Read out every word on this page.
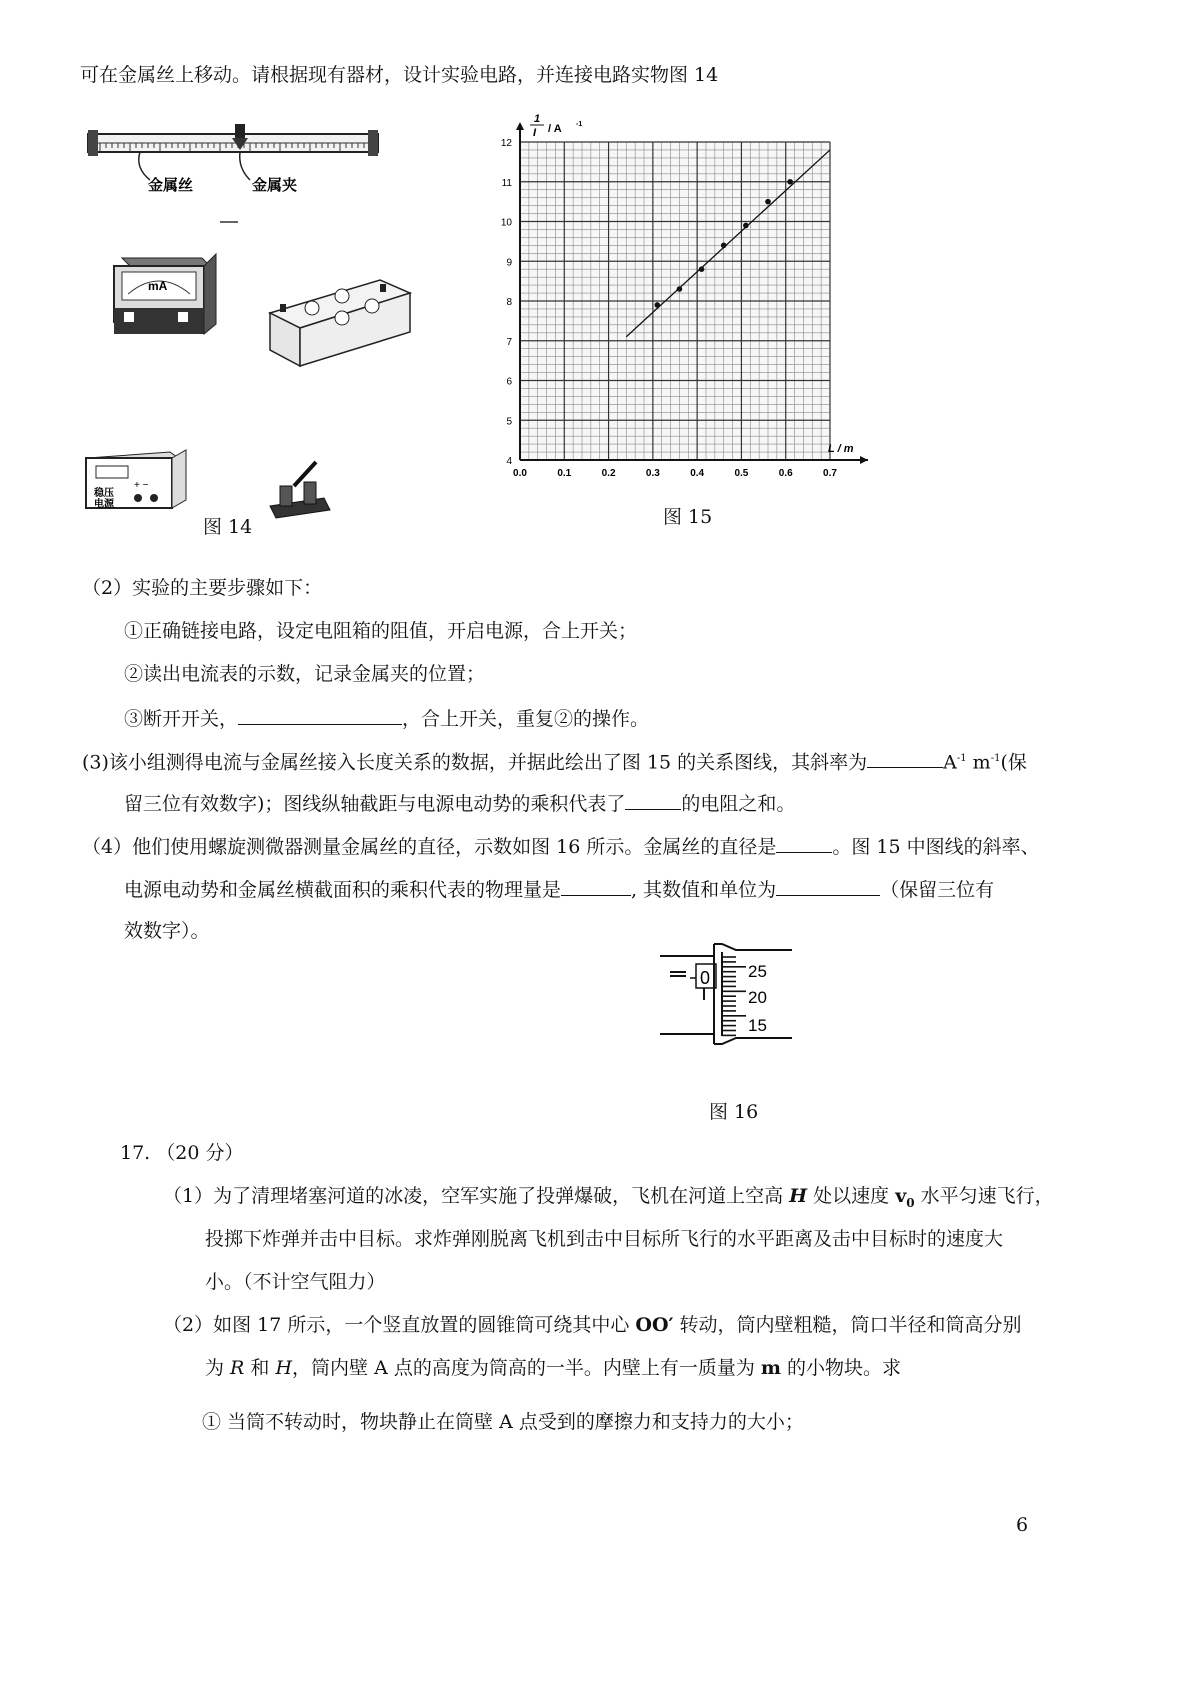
可在金属丝上移动。请根据现有器材，设计实验电路，并连接电路实物图 14
金属丝	金属夹
mA
稳压
电源
+ −
图 14
4
5
6
7
8
9
10
11
12
0.0	0.1	0.2	0.3	0.4	0.5	0.6	0.7
1
I / A -1
L / m
图 15
（2）实验的主要步骤如下：
①正确链接电路，设定电阻箱的阻值，开启电源，合上开关；
②读出电流表的示数，记录金属夹的位置；
③断开开关，	，合上开关，重复②的操作。
(3)该小组测得电流与金属丝接入长度关系的数据，并据此绘出了图 15 的关系图线，其斜率为	$A^{-1}$ $m^{-1}$(保
留三位有效数字)；图线纵轴截距与电源电动势的乘积代表了	的电阻之和。
（4）他们使用螺旋测微器测量金属丝的直径，示数如图 16 所示。金属丝的直径是	。图 15 中图线的斜率、
电源电动势和金属丝横截面积的乘积代表的物理量是	, 其数值和单位为	（保留三位有
效数字）。
0 25
20
15
图 16
17. （20 分）
（1）为了清理堵塞河道的冰凌，空军实施了投弹爆破，飞机在河道上空高 H 处以速度 $v_0$ 水平匀速飞行，
投掷下炸弹并击中目标。求炸弹刚脱离飞机到击中目标所飞行的水平距离及击中目标时的速度大
小。（不计空气阻力）
（2）如图 17 所示，一个竖直放置的圆锥筒可绕其中心 OO′ 转动，筒内壁粗糙，筒口半径和筒高分别
为 R 和 H，筒内壁 A 点的高度为筒高的一半。内壁上有一质量为 m 的小物块。求
① 当筒不转动时，物块静止在筒壁 A 点受到的摩擦力和支持力的大小；
6
